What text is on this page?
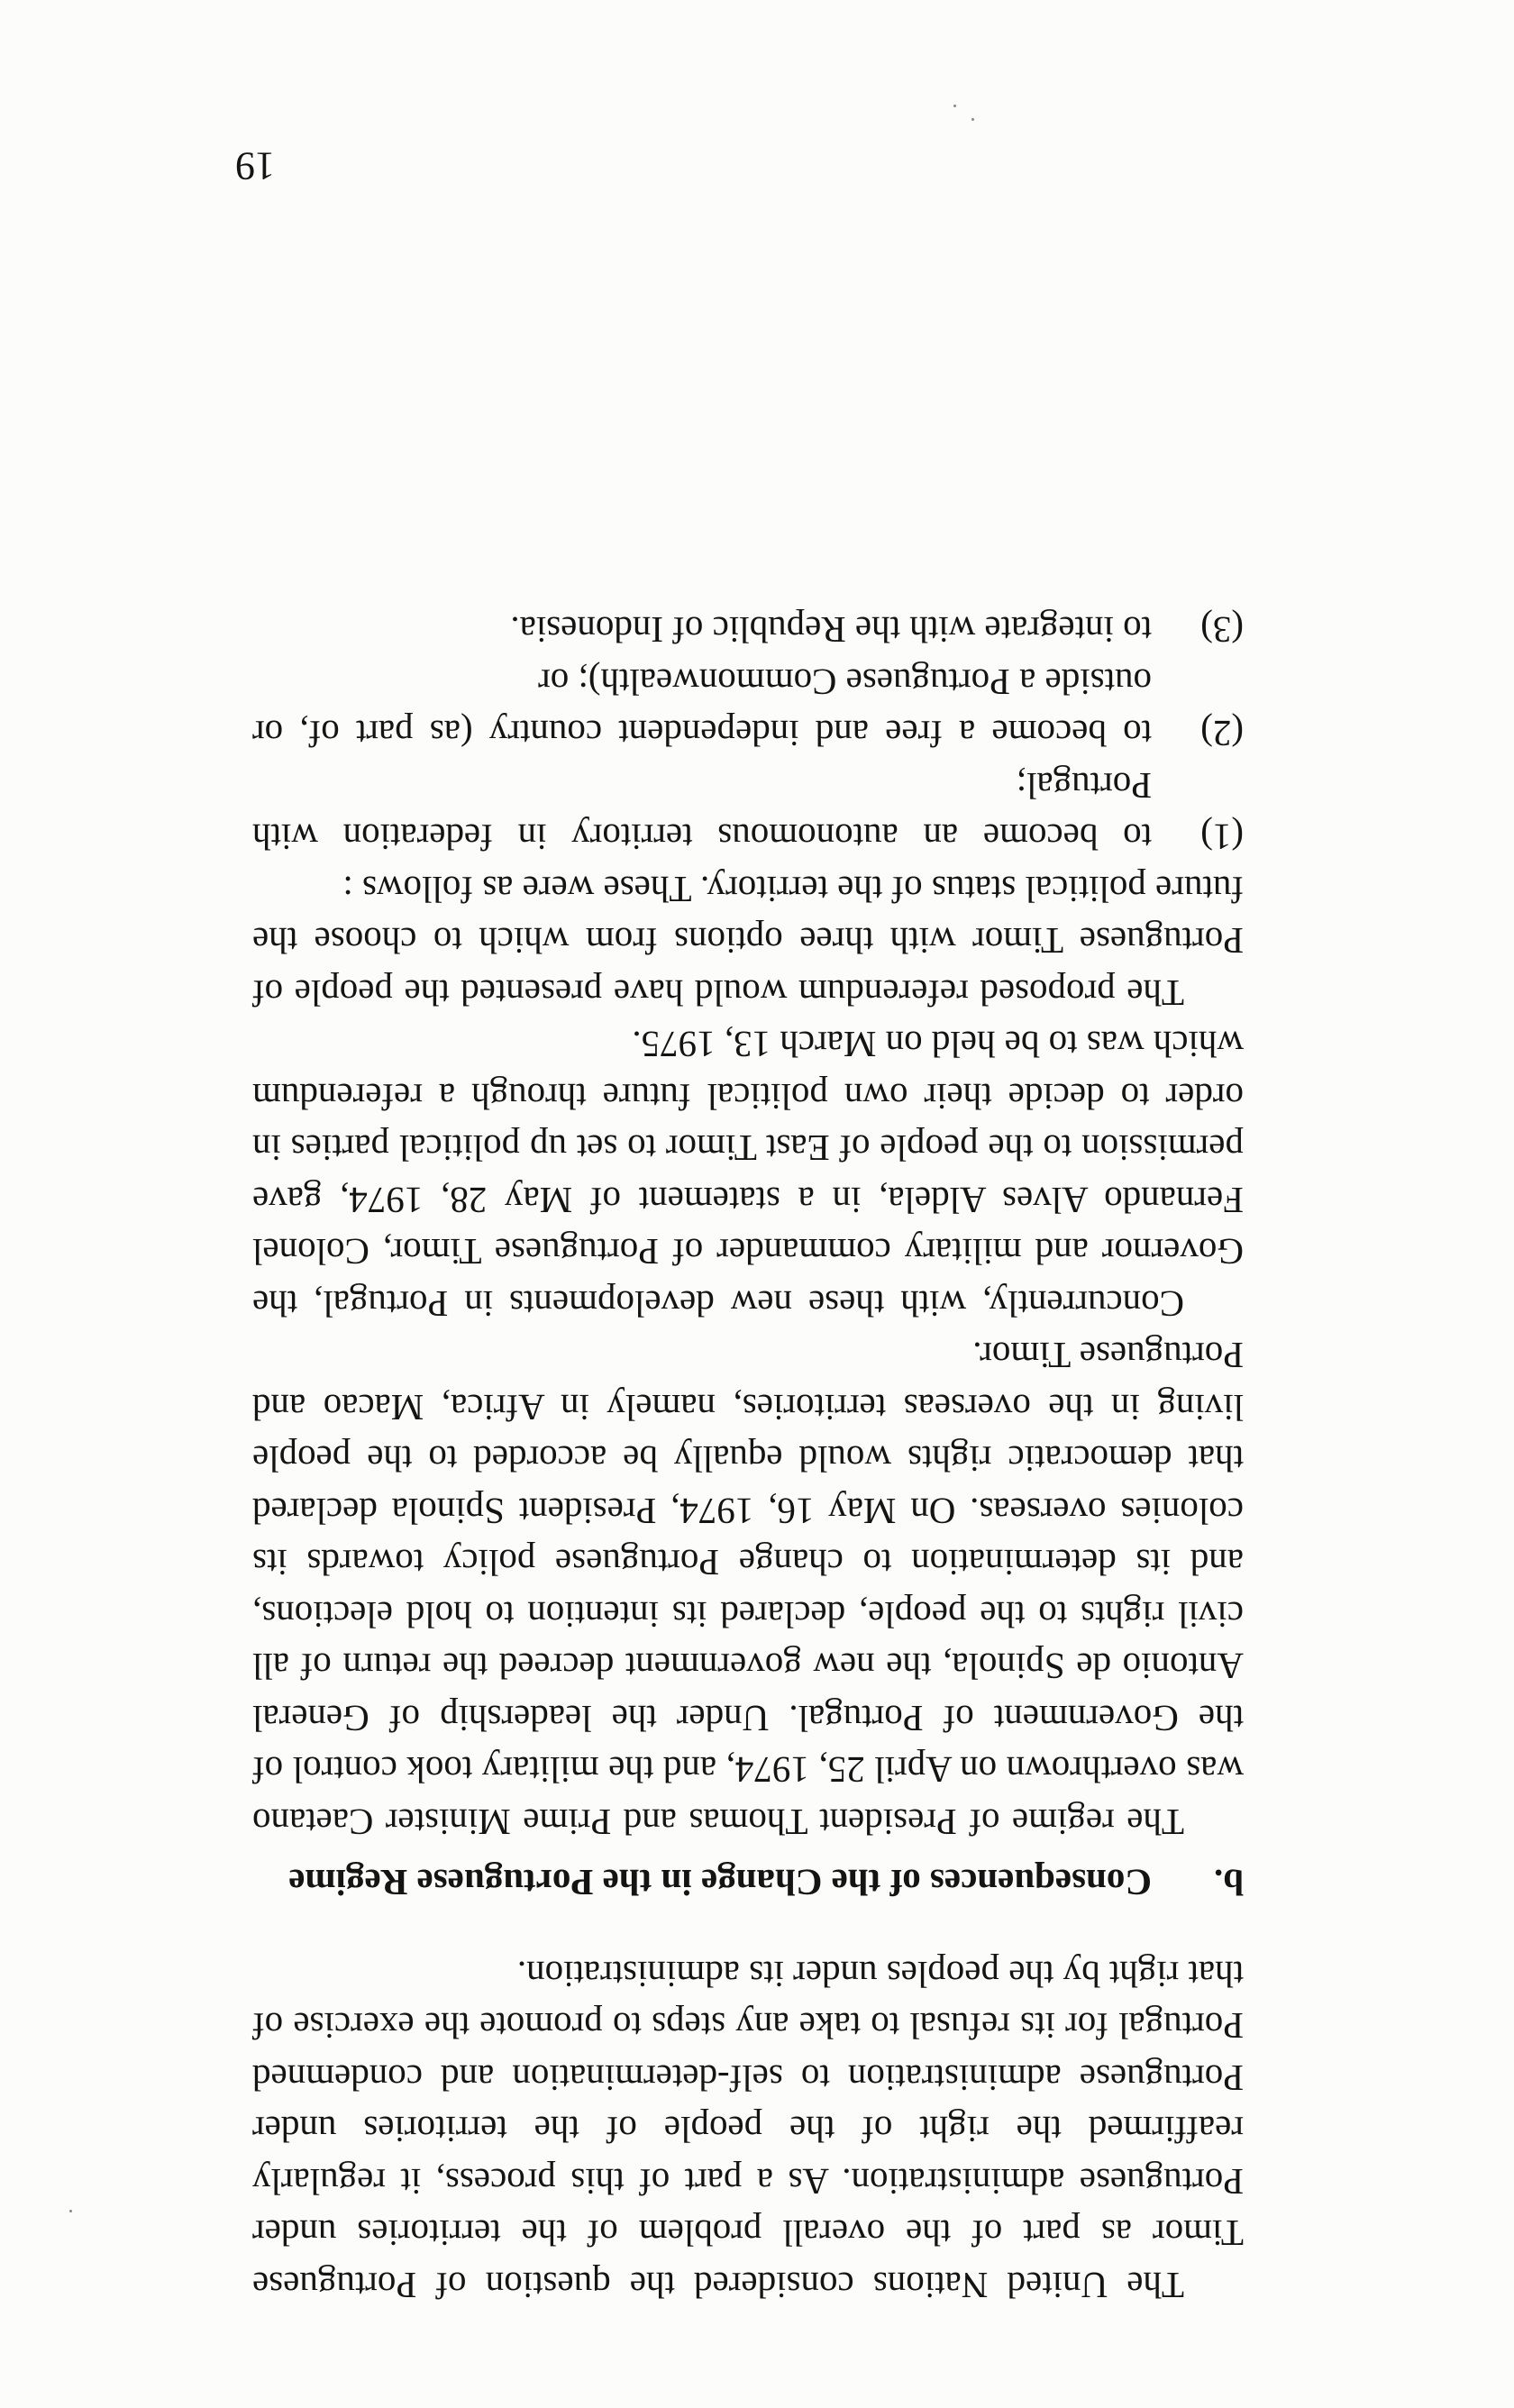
The United Nations considered the question of Portuguese Timor as part of the overall problem of the territories under Portuguese administration. As a part of this process, it regularly reaffirmed the right of the people of the territories under Portuguese administration to self-determination and condemned Portugal for its refusal to take any steps to promote the exercise of that right by the peoples under its administration.

b.
Consequences of the Change in the Portuguese Regime

The regime of President Thomas and Prime Minister Caetano was overthrown on April 25, 1974, and the military took control of the Government of Portugal. Under the leadership of General Antonio de Spinola, the new government decreed the return of all civil rights to the people, declared its intention to hold elections, and its determination to change Portuguese policy towards its colonies overseas. On May 16, 1974, President Spinola declared that democratic rights would equally be accorded to the people living in the overseas territories, namely in Africa, Macao and Portuguese Timor.

Concurrently, with these new developments in Portugal, the Governor and military commander of Portuguese Timor, Colonel Fernando Alves Aldela, in a statement of May 28, 1974, gave permission to the people of East Timor to set up political parties in order to decide their own political future through a referendum which was to be held on March 13, 1975.

The proposed referendum would have presented the people of Portuguese Timor with three options from which to choose the future political status of the territory. These were as follows :

(1)
to become an autonomous territory in federation with Portugal;

(2)
to become a free and independent country (as part of, or outside a Portuguese Commonwealth); or

(3)
to integrate with the Republic of Indonesia.

19
